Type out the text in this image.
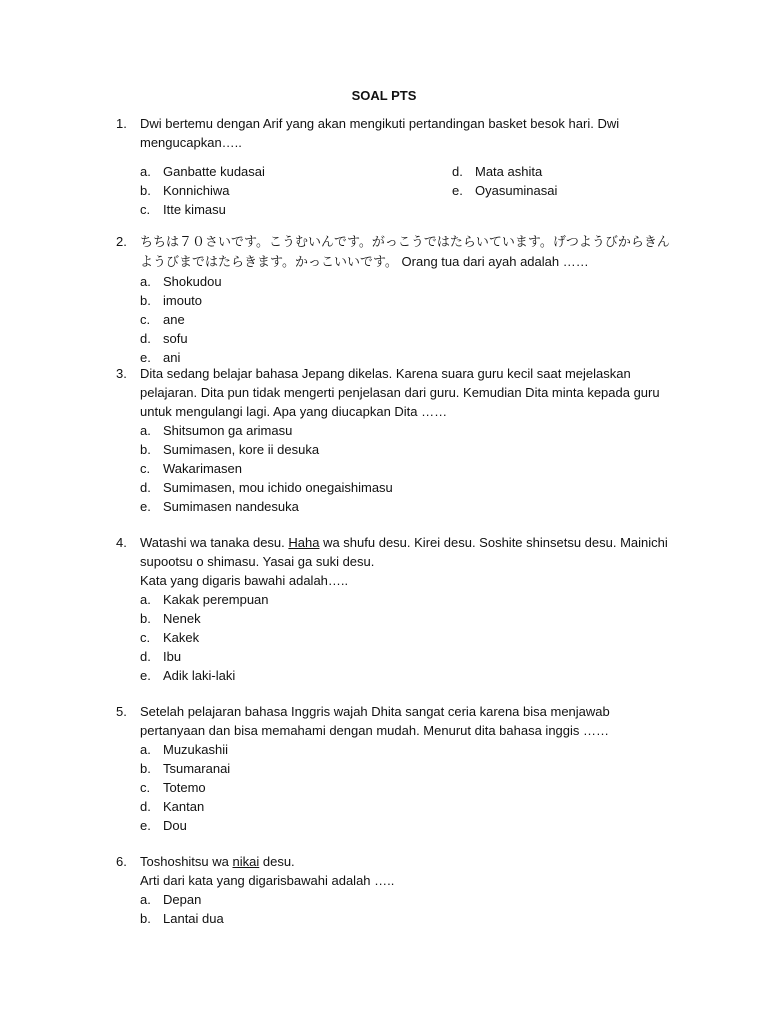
SOAL PTS
1. Dwi bertemu dengan Arif yang akan mengikuti pertandingan basket besok hari. Dwi mengucapkan…..
a. Ganbatte kudasai
b. Konnichiwa
c. Itte kimasu
d. Mata ashita
e. Oyasuminasai
2. ちちは７０さいです。こうむいんです。がっこうではたらいています。げつようびからきんようびまではたらきます。かっこいいです。 Orang tua dari ayah adalah ……
a. Shokudou
b. imouto
c. ane
d. sofu
e. ani
3. Dita sedang belajar bahasa Jepang dikelas. Karena suara guru kecil saat mejelaskan pelajaran. Dita pun tidak mengerti penjelasan dari guru. Kemudian Dita minta kepada guru untuk mengulangi lagi. Apa yang diucapkan Dita ……
a. Shitsumon ga arimasu
b. Sumimasen, kore ii desuka
c. Wakarimasen
d. Sumimasen, mou ichido onegaishimasu
e. Sumimasen nandesuka
4. Watashi wa tanaka desu. Haha wa shufu desu. Kirei desu. Soshite shinsetsu desu. Mainichi supootsu o shimasu. Yasai ga suki desu.
Kata yang digaris bawahi adalah…..
a. Kakak perempuan
b. Nenek
c. Kakek
d. Ibu
e. Adik laki-laki
5. Setelah pelajaran bahasa Inggris wajah Dhita sangat ceria karena bisa menjawab pertanyaan dan bisa memahami dengan mudah. Menurut dita bahasa inggis ……
a. Muzukashii
b. Tsumaranai
c. Totemo
d. Kantan
e. Dou
6. Toshoshitsu wa nikai desu.
Arti dari kata yang digarisbawahi adalah …..
a. Depan
b. Lantai dua
